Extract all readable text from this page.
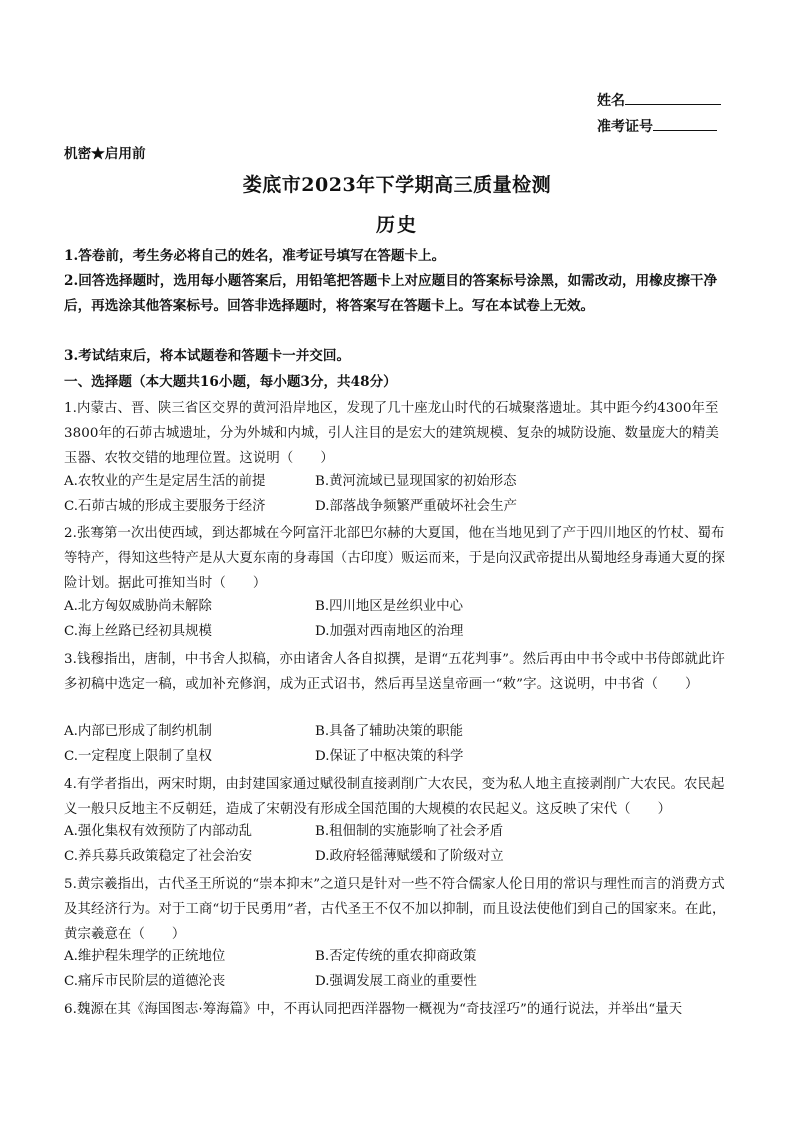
姓名
准考证号
机密★启用前
娄底市2023年下学期高三质量检测
历史
1.答卷前，考生务必将自己的姓名，准考证号填写在答题卡上。
2.回答选择题时，选用每小题答案后，用铅笔把答题卡上对应题目的答案标号涂黑，如需改动，用橡皮擦干净后，再选涂其他答案标号。回答非选择题时，将答案写在答题卡上。写在本试卷上无效。
3.考试结束后，将本试题卷和答题卡一并交回。
一、选择题（本大题共16小题，每小题3分，共48分）
1.内蒙古、晋、陕三省区交界的黄河沿岸地区，发现了几十座龙山时代的石城聚落遗址。其中距今约4300年至3800年的石茆古城遗址，分为外城和内城，引人注目的是宏大的建筑规模、复杂的城防设施、数量庞大的精美玉器、农牧交错的地理位置。这说明（　　）
A.农牧业的产生是定居生活的前提	B.黄河流域已显现国家的初始形态
C.石茆古城的形成主要服务于经济	D.部落战争频繁严重破坏社会生产
2.张骞第一次出使西域，到达都城在今阿富汗北部巴尔赫的大夏国，他在当地见到了产于四川地区的竹杖、蜀布等特产，得知这些特产是从大夏东南的身毒国（古印度）贩运而来，于是向汉武帝提出从蜀地经身毒通大夏的探险计划。据此可推知当时（　　）
A.北方匈奴威胁尚未解除	B.四川地区是丝织业中心
C.海上丝路已经初具规模	D.加强对西南地区的治理
3.钱穆指出，唐制，中书舍人拟稿，亦由诸舍人各自拟撰，是谓“五花判事”。然后再由中书令或中书侍郎就此许多初稿中选定一稿，或加补充修润，成为正式诏书，然后再呈送皇帝画一“敕”字。这说明，中书省（　　）
A.内部已形成了制约机制	B.具备了辅助决策的职能
C.一定程度上限制了皇权	D.保证了中枢决策的科学
4.有学者指出，两宋时期，由封建国家通过赋役制直接剥削广大农民，变为私人地主直接剥削广大农民。农民起义一般只反地主不反朝廷，造成了宋朝没有形成全国范围的大规模的农民起义。这反映了宋代（　　）
A.强化集权有效预防了内部动乱	B.租佃制的实施影响了社会矛盾
C.养兵募兵政策稳定了社会治安	D.政府轻徭薄赋缓和了阶级对立
5.黄宗羲指出，古代圣王所说的“崇本抑末”之道只是针对一些不符合儒家人伦日用的常识与理性而言的消费方式及其经济行为。对于工商“切于民勇用”者，古代圣王不仅不加以抑制，而且设法使他们到自己的国家来。在此，黄宗羲意在（　　）
A.维护程朱理学的正统地位	B.否定传统的重农抑商政策
C.痛斥市民阶层的道德沦丧	D.强调发展工商业的重要性
6.魏源在其《海国图志·筹海篇》中，不再认同把西洋器物一概视为“奇技淫巧”的通行说法，并举出“量天
